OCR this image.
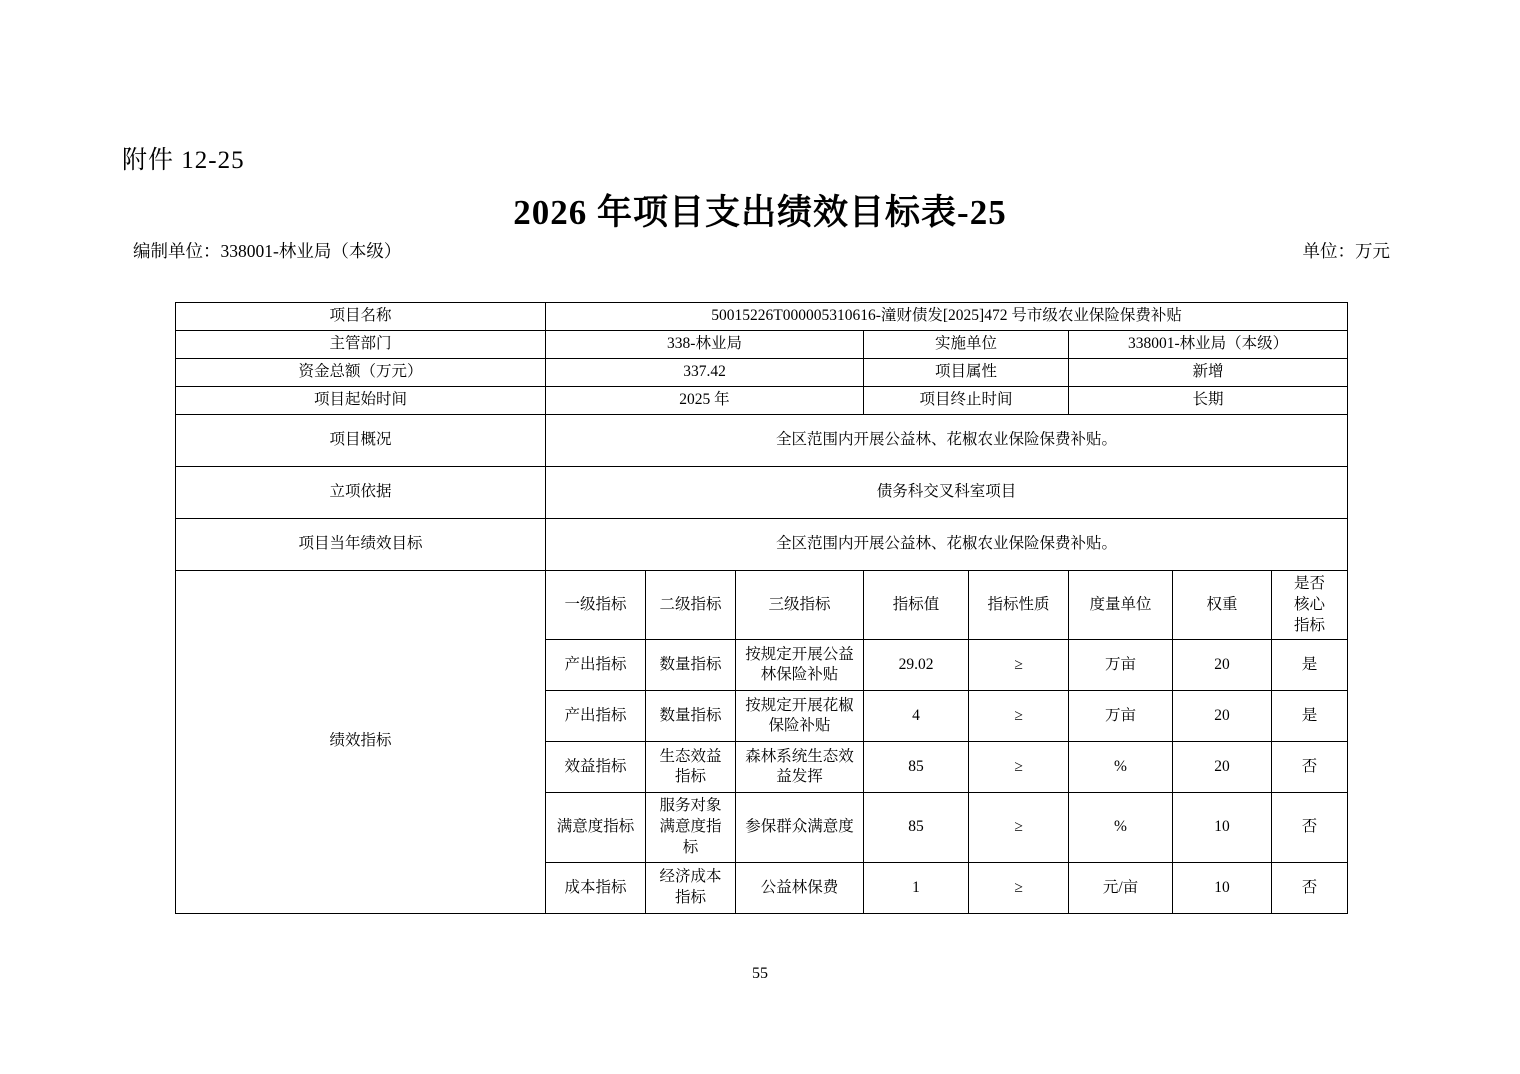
附件 12-25
2026 年项目支出绩效目标表-25
编制单位：338001-林业局（本级）	单位：万元
项目名称	50015226T000005310616-潼财债发[2025]472 号市级农业保险保费补贴							
主管部门	338-林业局			实施单位		338001-林业局（本级）		
资金总额（万元）	337.42			项目属性		新增		
项目起始时间	2025 年			项目终止时间		长期		
项目概况	全区范围内开展公益林、花椒农业保险保费补贴。							
立项依据	债务科交叉科室项目							
项目当年绩效目标	全区范围内开展公益林、花椒农业保险保费补贴。							
绩效指标	一级指标	二级指标	三级指标	指标值	指标性质	度量单位	权重	是否
核心
指标

	产出指标	数量指标	按规定开展公益林保险补贴	29.02	≥	万亩	20	是
	产出指标	数量指标	按规定开展花椒保险补贴	4	≥	万亩	20	是
	效益指标	生态效益指标	森林系统生态效益发挥	85	≥	%	20	否
	满意度指标	服务对象满意度指标	参保群众满意度	85	≥	%	10	否
	成本指标	经济成本指标	公益林保费	1	≥	元/亩	10	否
55
